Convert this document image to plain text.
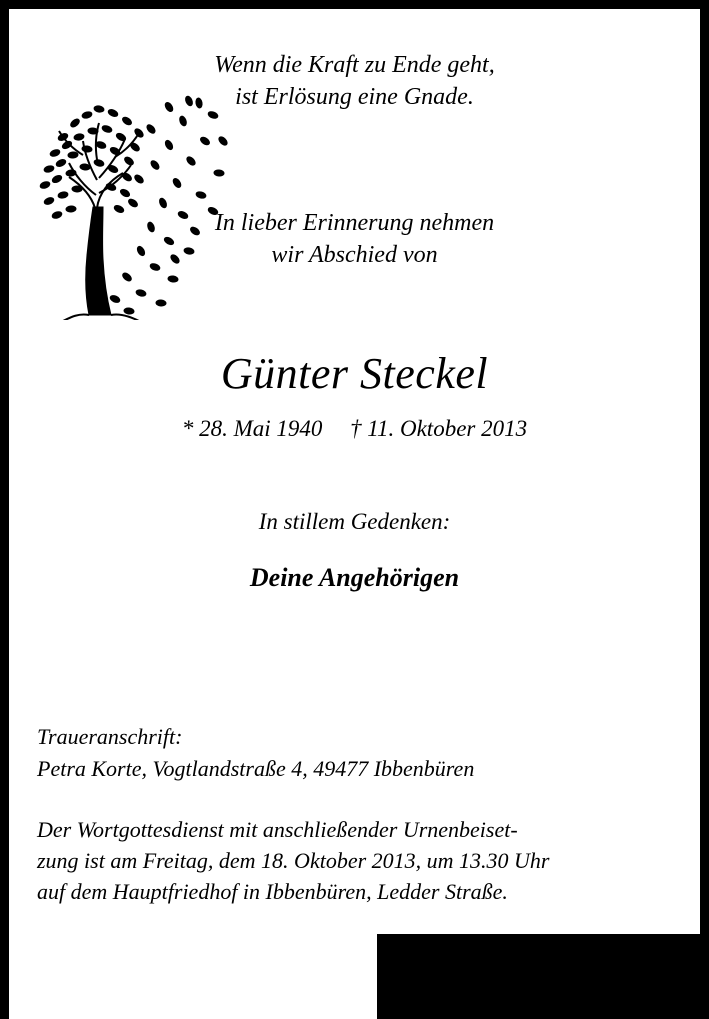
Wenn die Kraft zu Ende geht,
ist Erlösung eine Gnade.
In lieber Erinnerung nehmen
wir Abschied von
Günter Steckel
* 28. Mai 1940 † 11. Oktober 2013
In stillem Gedenken:
Deine Angehörigen
Traueranschrift:
Petra Korte, Vogtlandstraße 4, 49477 Ibbenbüren
Der Wortgottesdienst mit anschließender Urnenbeiset-
zung ist am Freitag, dem 18. Oktober 2013, um 13.30 Uhr
auf dem Hauptfriedhof in Ibbenbüren, Ledder Straße.
